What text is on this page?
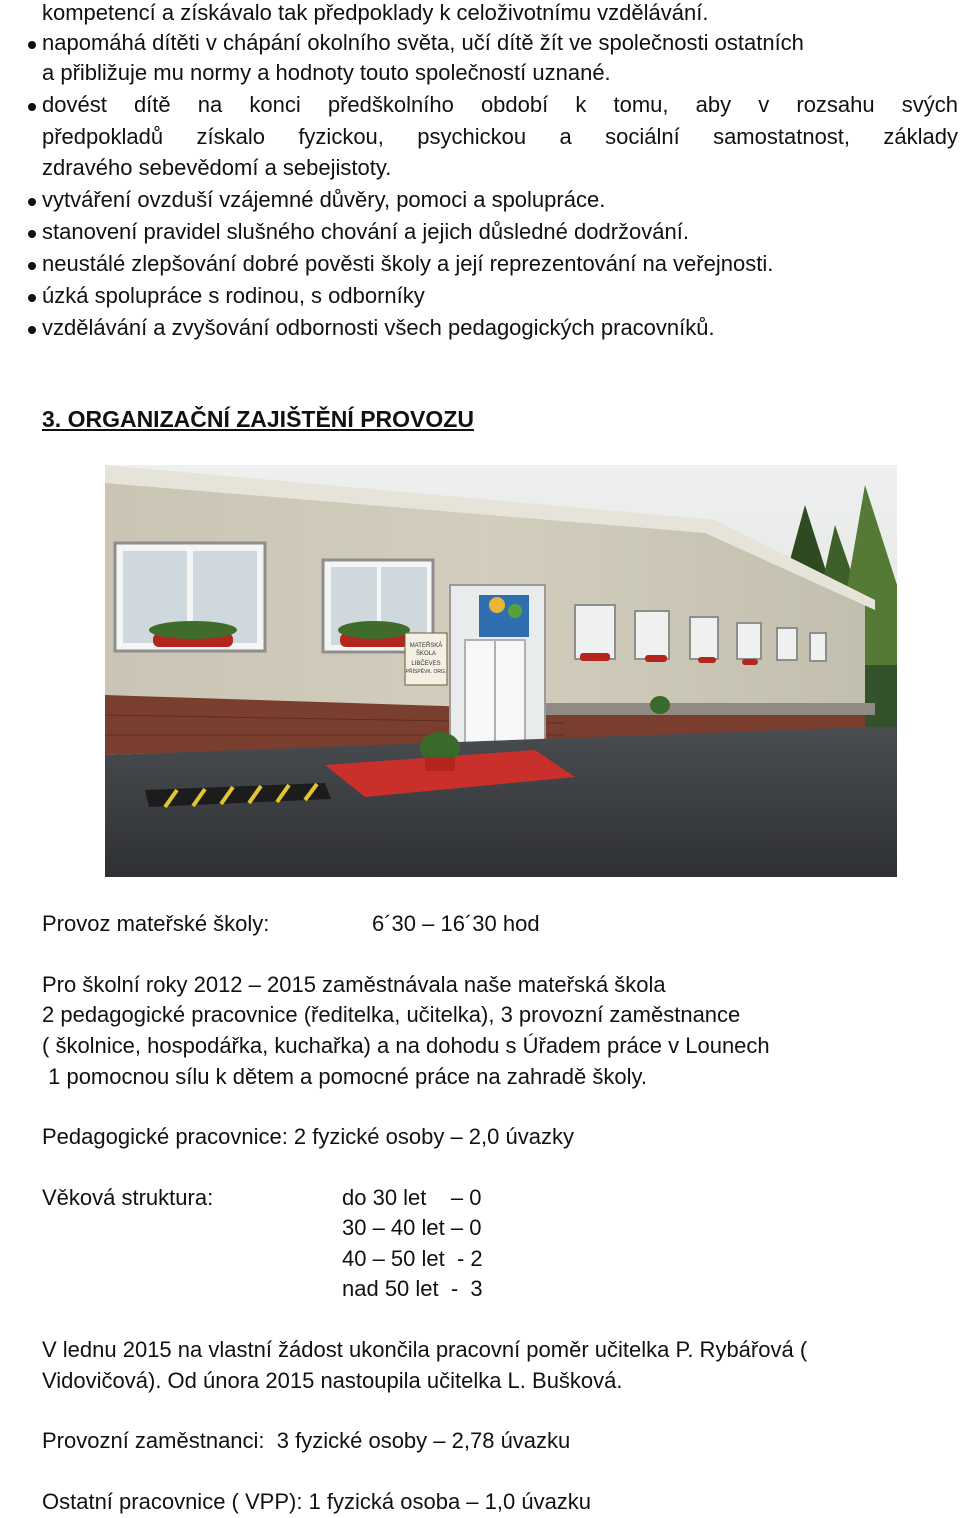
kompetencí a získávalo tak předpoklady k celoživotnímu vzdělávání.
napomáhá dítěti v chápání okolního světa, učí dítě žít ve společnosti ostatních
a přibližuje mu normy a hodnoty touto společností uznané.
dovést dítě na konci předškolního období k tomu, aby v rozsahu svých
předpokladů získalo fyzickou, psychickou a sociální samostatnost, základy
zdravého sebevědomí a sebejistoty.
vytváření ovzduší vzájemné důvěry, pomoci a spolupráce.
stanovení pravidel slušného chování a jejich důsledné dodržování.
neustálé zlepšování dobré pověsti školy a její reprezentování na veřejnosti.
úzká spolupráce s rodinou, s odborníky
vzdělávání a zvyšování odbornosti všech pedagogických pracovníků.
3. ORGANIZAČNÍ ZAJIŠTĚNÍ PROVOZU
MATEŘSKÁ
ŠKOLA
LIBČEVES
PŘÍSPĚVK. ORG.
Provoz mateřské školy:	6´30 – 16´30 hod
Pro školní roky 2012 – 2015 zaměstnávala naše mateřská škola
2 pedagogické pracovnice (ředitelka, učitelka), 3 provozní zaměstnance
( školnice, hospodářka, kuchařka) a na dohodu s Úřadem práce v Lounech
1 pomocnou sílu k dětem a pomocné práce na zahradě školy.
Pedagogické pracovnice: 2 fyzické osoby – 2,0 úvazky
Věková struktura:	do 30 let    – 0
30 – 40 let – 0
40 – 50 let  - 2
nad 50 let  -  3
V lednu 2015 na vlastní žádost ukončila pracovní poměr učitelka P. Rybářová (
Vidovičová). Od února 2015 nastoupila učitelka L. Bušková.
Provozní zaměstnanci:  3 fyzické osoby – 2,78 úvazku
Ostatní pracovnice ( VPP): 1 fyzická osoba – 1,0 úvazku
